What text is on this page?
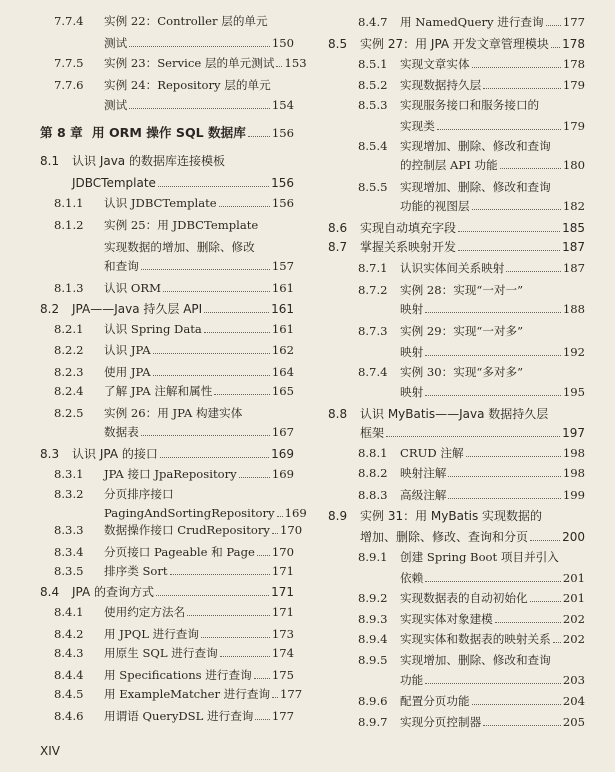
7.7.4	实例 22：Controller 层的单元
测试	150
7.7.5	实例 23：Service 层的单元测试 153
7.7.6	实例 24：Repository 层的单元
测试	154
第 8 章 用 ORM 操作 SQL 数据库 156
8.1	认识 Java 的数据库连接模板
JDBCTemplate	156
8.1.1	认识 JDBCTemplate	156
8.1.2	实例 25：用 JDBCTemplate
实现数据的增加、删除、修改
和查询	157
8.1.3	认识 ORM	161
8.2	JPA——Java 持久层 API	161
8.2.1	认识 Spring Data	161
8.2.2	认识 JPA	162
8.2.3	使用 JPA	164
8.2.4	了解 JPA 注解和属性	165
8.2.5	实例 26：用 JPA 构建实体
数据表	167
8.3	认识 JPA 的接口	169
8.3.1	JPA 接口 JpaRepository	169
8.3.2	分页排序接口
PagingAndSortingRepository 169
8.3.3	数据操作接口 CrudRepository 170
8.3.4	分页接口 Pageable 和 Page 170
8.3.5	排序类 Sort	171
8.4	JPA 的查询方式	171
8.4.1	使用约定方法名	171
8.4.2	用 JPQL 进行查询	173
8.4.3	用原生 SQL 进行查询	174
8.4.4	用 Specifications 进行查询 175
8.4.5	用 ExampleMatcher 进行查询 177
8.4.6	用谓语 QueryDSL 进行查询 177
8.4.7	用 NamedQuery 进行查询 177
8.5	实例 27：用 JPA 开发文章管理模块 178
8.5.1	实现文章实体	178
8.5.2	实现数据持久层	179
8.5.3	实现服务接口和服务接口的
实现类	179
8.5.4	实现增加、删除、修改和查询
的控制层 API 功能	180
8.5.5	实现增加、删除、修改和查询
功能的视图层	182
8.6	实现自动填充字段	185
8.7	掌握关系映射开发	187
8.7.1	认识实体间关系映射	187
8.7.2	实例 28：实现“一对一”
映射	188
8.7.3	实例 29：实现“一对多”
映射	192
8.7.4	实例 30：实现“多对多”
映射	195
8.8	认识 MyBatis——Java 数据持久层
框架	197
8.8.1	CRUD 注解	198
8.8.2	映射注解	198
8.8.3	高级注解	199
8.9	实例 31：用 MyBatis 实现数据的
增加、删除、修改、查询和分页	200
8.9.1	创建 Spring Boot 项目并引入
依赖	201
8.9.2	实现数据表的自动初始化	201
8.9.3	实现实体对象建模	202
8.9.4	实现实体和数据表的映射关系 202
8.9.5	实现增加、删除、修改和查询
功能	203
8.9.6	配置分页功能	204
8.9.7	实现分页控制器	205
XIV
